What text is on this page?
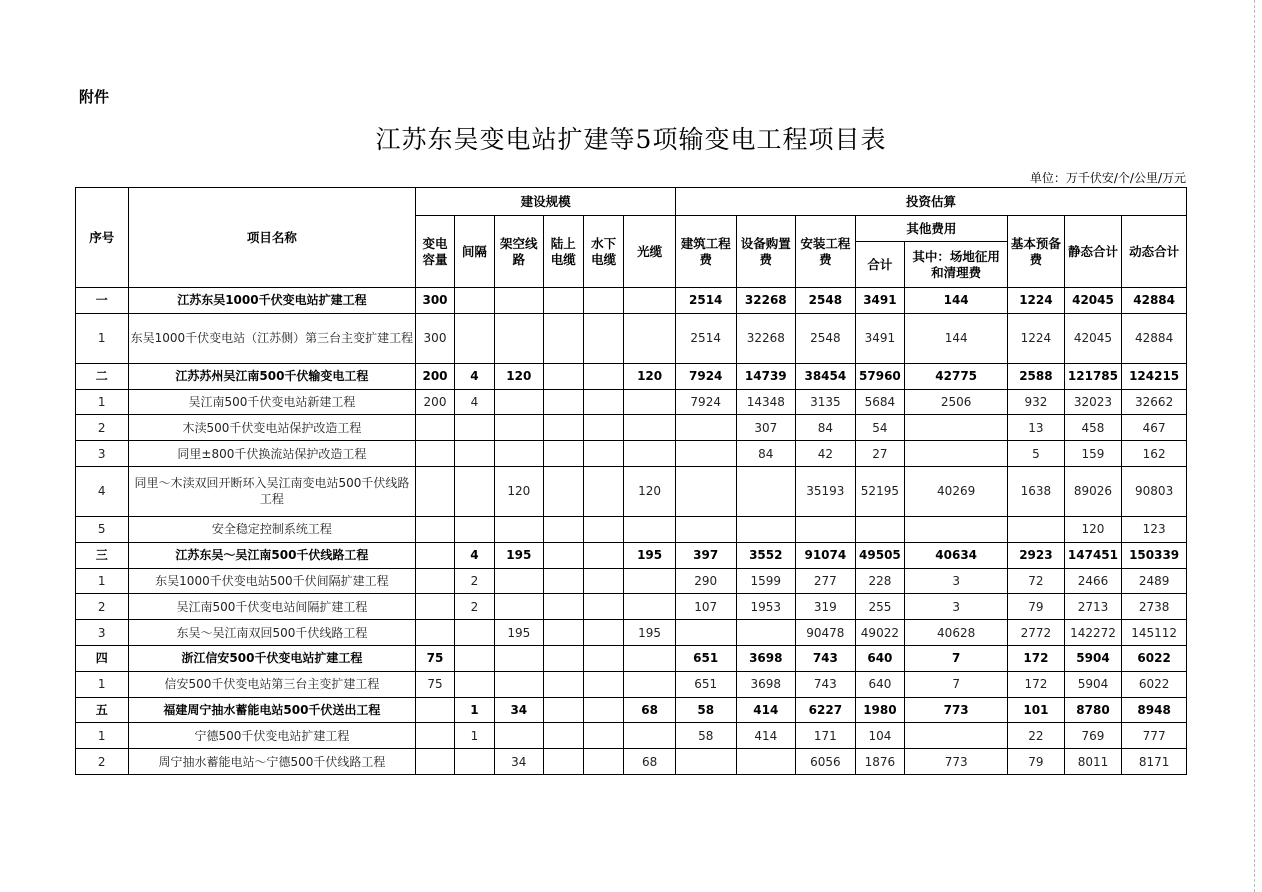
附件
江苏东吴变电站扩建等5项输变电工程项目表
单位：万千伏安/个/公里/万元
序号	项目名称	建设规模						投资估算							
		变电容量	间隔	架空线路	陆上电缆	水下电缆	光缆	建筑工程费	设备购置费	安装工程费	其他费用		基本预备费	静态合计	动态合计
											合计	其中：场地征用和清理费			
一	江苏东吴1000千伏变电站扩建工程	300						2514	32268	2548	3491	144	1224	42045	42884
1	东吴1000千伏变电站（江苏侧）第三台主变扩建工程	300						2514	32268	2548	3491	144	1224	42045	42884
二	江苏苏州吴江南500千伏输变电工程	200	4	120			120	7924	14739	38454	57960	42775	2588	121785	124215
1	吴江南500千伏变电站新建工程	200	4					7924	14348	3135	5684	2506	932	32023	32662
2	木渎500千伏变电站保护改造工程								307	84	54		13	458	467
3	同里±800千伏换流站保护改造工程								84	42	27		5	159	162
4	同里～木渎双回开断环入吴江南变电站500千伏线路工程			120			120			35193	52195	40269	1638	89026	90803
5	安全稳定控制系统工程													120	123
三	江苏东吴～吴江南500千伏线路工程		4	195			195	397	3552	91074	49505	40634	2923	147451	150339
1	东吴1000千伏变电站500千伏间隔扩建工程		2					290	1599	277	228	3	72	2466	2489
2	吴江南500千伏变电站间隔扩建工程		2					107	1953	319	255	3	79	2713	2738
3	东吴～吴江南双回500千伏线路工程			195			195			90478	49022	40628	2772	142272	145112
四	浙江信安500千伏变电站扩建工程	75						651	3698	743	640	7	172	5904	6022
1	信安500千伏变电站第三台主变扩建工程	75						651	3698	743	640	7	172	5904	6022
五	福建周宁抽水蓄能电站500千伏送出工程		1	34			68	58	414	6227	1980	773	101	8780	8948
1	宁德500千伏变电站扩建工程		1					58	414	171	104		22	769	777
2	周宁抽水蓄能电站～宁德500千伏线路工程			34			68			6056	1876	773	79	8011	8171
